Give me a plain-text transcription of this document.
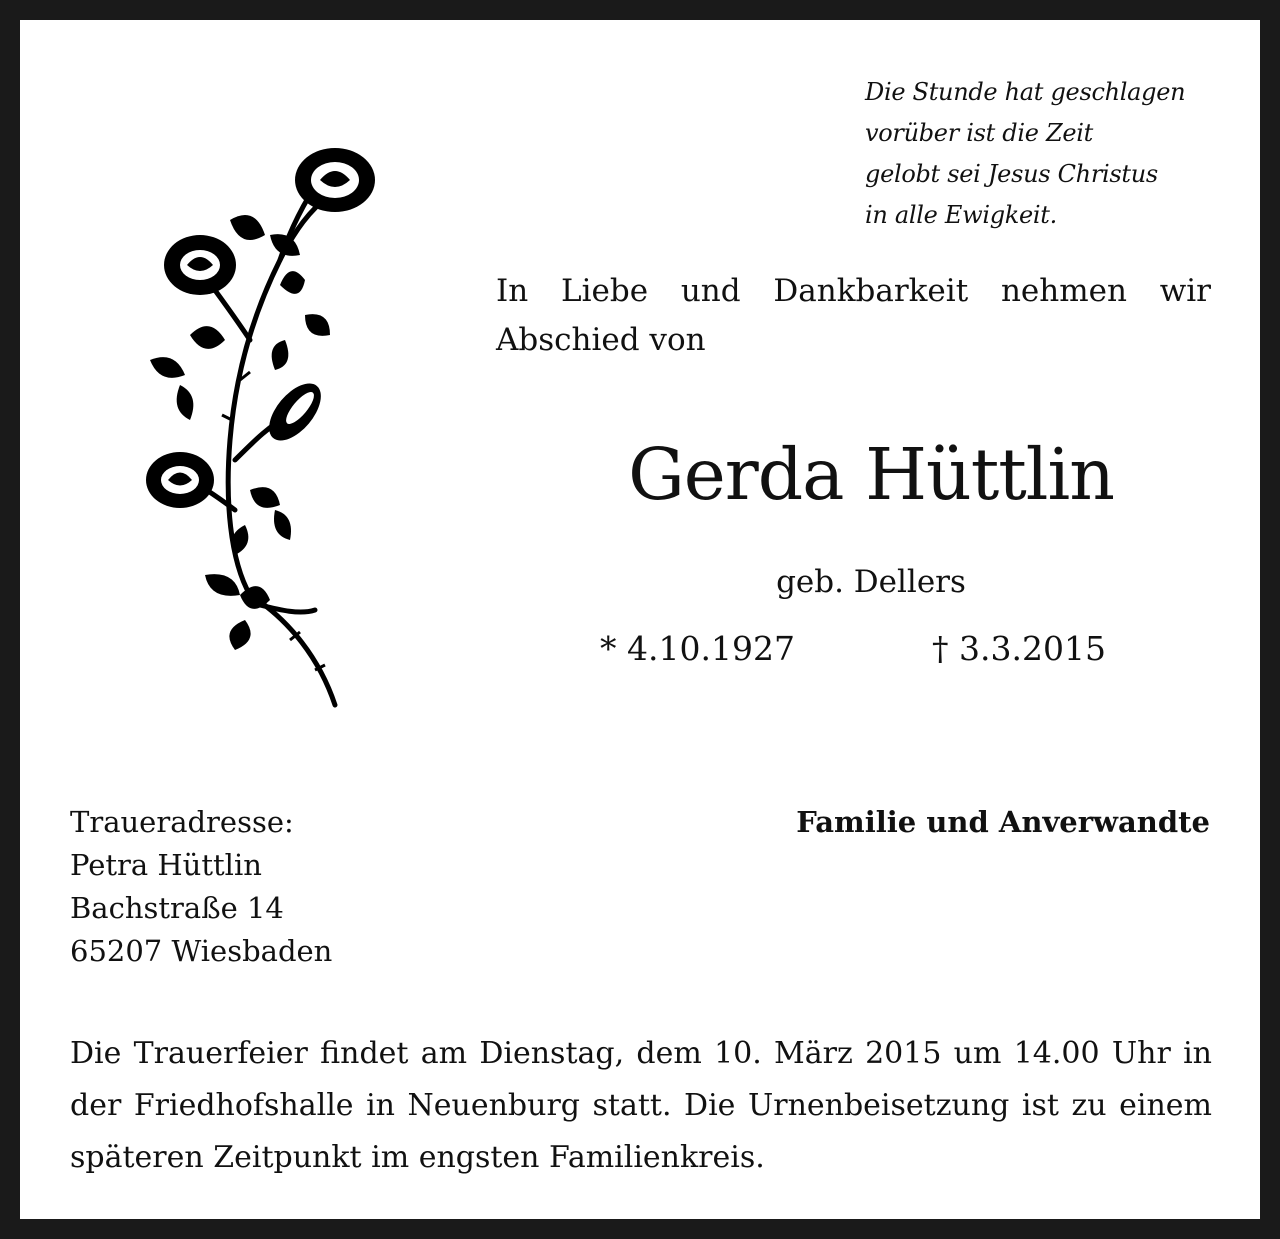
Die Stunde hat geschlagen
vorüber ist die Zeit
gelobt sei Jesus Christus
in alle Ewigkeit.
In Liebe und Dankbarkeit nehmen wir
Abschied von
Gerda Hüttlin
geb. Dellers
* 4.10.1927	† 3.3.2015
Traueradresse:
Petra Hüttlin
Bachstraße 14
65207 Wiesbaden
Familie und Anverwandte
Die Trauerfeier findet am Dienstag, dem 10. März 2015 um 14.00 Uhr in der Friedhofshalle in Neuenburg statt. Die Urnenbeisetzung ist zu einem späteren Zeitpunkt im engsten Familienkreis.
